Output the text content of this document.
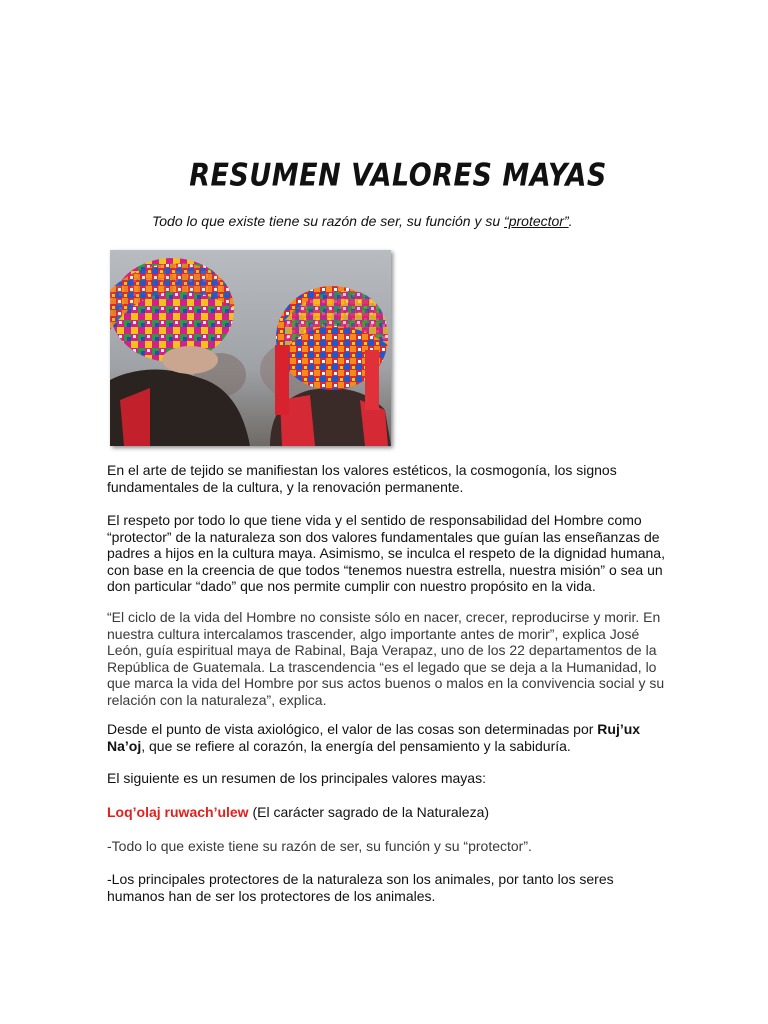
RESUMEN VALORES MAYAS
Todo lo que existe tiene su razón de ser, su función y su “protector”.
En el arte de tejido se manifiestan los valores estéticos, la cosmogonía, los signos fundamentales de la cultura, y la renovación permanente.
El respeto por todo lo que tiene vida y el sentido de responsabilidad del Hombre como “protector” de la naturaleza son dos valores fundamentales que guían las enseñanzas de padres a hijos en la cultura maya. Asimismo, se inculca el respeto de la dignidad humana, con base en la creencia de que todos “tenemos nuestra estrella, nuestra misión” o sea un don particular “dado” que nos permite cumplir con nuestro propósito en la vida.
“El ciclo de la vida del Hombre no consiste sólo en nacer, crecer, reproducirse y morir. En nuestra cultura intercalamos trascender, algo importante antes de morir”, explica José León, guía espiritual maya de Rabinal, Baja Verapaz, uno de los 22 departamentos de la República de Guatemala. La trascendencia “es el legado que se deja a la Humanidad, lo que marca la vida del Hombre por sus actos buenos o malos en la convivencia social y su relación con la naturaleza”, explica.
Desde el punto de vista axiológico, el valor de las cosas son determinadas por Ruj’ux Na’oj, que se refiere al corazón, la energía del pensamiento y la sabiduría.
El siguiente es un resumen de los principales valores mayas:
Loq’olaj ruwach’ulew (El carácter sagrado de la Naturaleza)
-Todo lo que existe tiene su razón de ser, su función y su “protector”.
-Los principales protectores de la naturaleza son los animales, por tanto los seres humanos han de ser los protectores de los animales.
